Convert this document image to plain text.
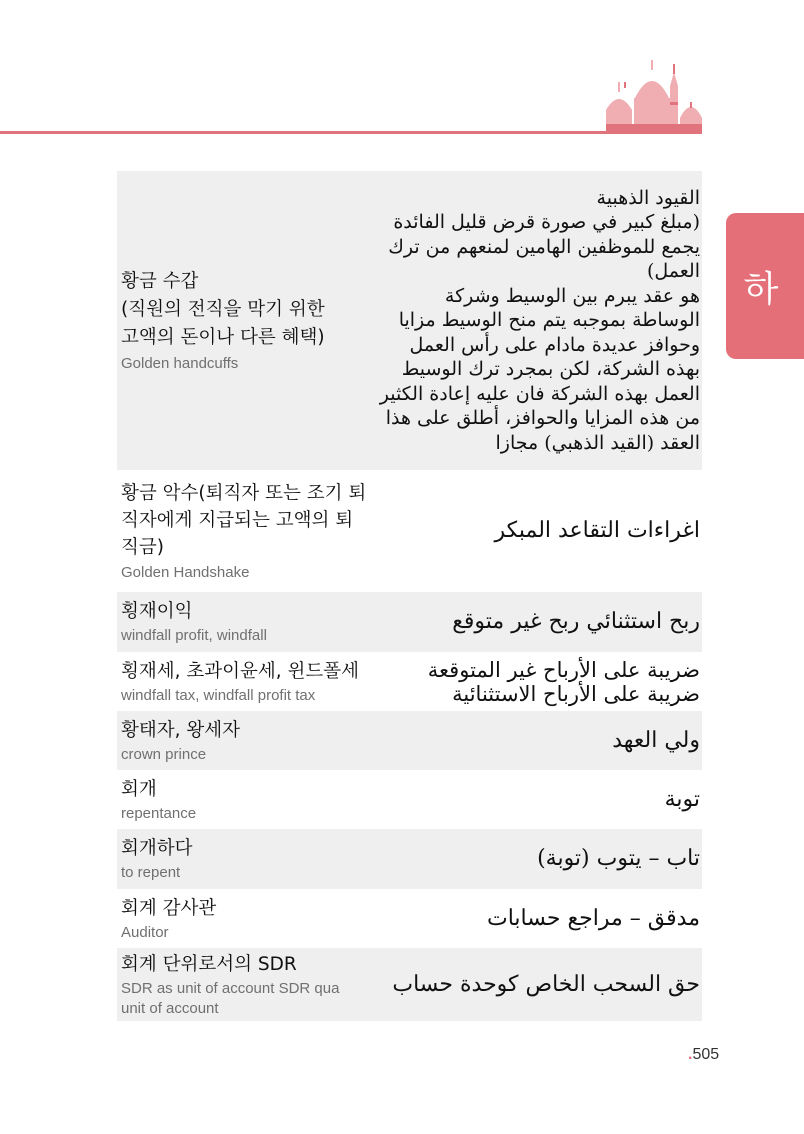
하
황금 수갑
(직원의 전직을 막기 위한
고액의 돈이나 다른 혜택)
Golden handcuffs
القيود الذهبية
(مبلغ كبير في صورة قرض قليل الفائدة يجمع للموظفين الهامين لمنعهم من ترك العمل)
هو عقد يبرم بين الوسيط وشركة الوساطة بموجبه يتم منح الوسيط مزايا وحوافز عديدة مادام على رأس العمل بهذه الشركة، لكن بمجرد ترك الوسيط العمل بهذه الشركة فان عليه إعادة الكثير من هذه المزايا والحوافز، أطلق على هذا العقد (القيد الذهبي) مجازا
황금 악수(퇴직자 또는 조기 퇴
직자에게 지급되는 고액의 퇴
직금)
Golden Handshake
اغراءات التقاعد المبكر
횡재이익
windfall profit, windfall
ربح استثنائي ربح غير متوقع
횡재세, 초과이윤세, 윈드폴세
windfall tax, windfall profit tax
ضريبة على الأرباح غير المتوقعة
ضريبة على الأرباح الاستثنائية
황태자, 왕세자
crown prince
ولي العهد
회개
repentance
توبة
회개하다
to repent
تاب – يتوب (توبة)
회계 감사관
Auditor
مدقق – مراجع حسابات
회계 단위로서의 SDR
SDR as unit of account SDR qua unit of account
حق السحب الخاص كوحدة حساب
.505
